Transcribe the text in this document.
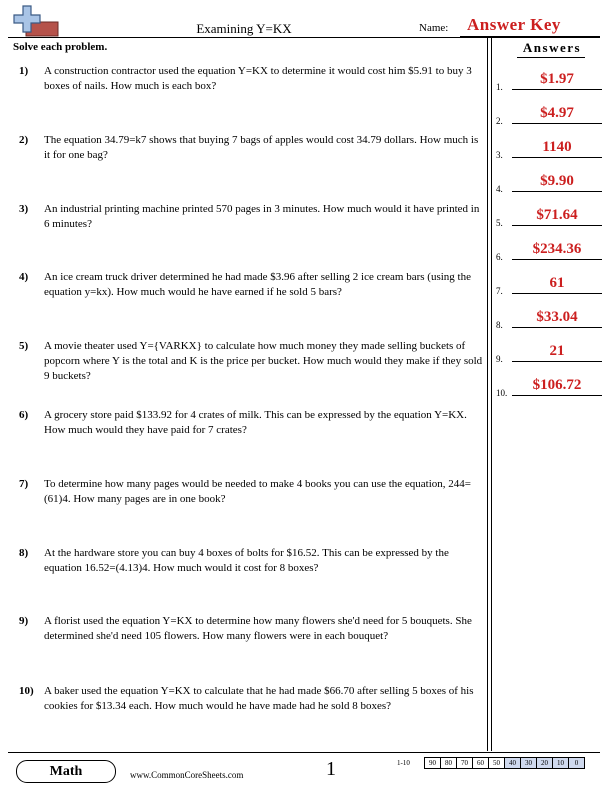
Examining Y=KX	Name: Answer Key
Solve each problem.
1)	A construction contractor used the equation Y=KX to determine it would cost him $5.91 to buy 3 boxes of nails. How much is each box?
2)	The equation 34.79=k7 shows that buying 7 bags of apples would cost 34.79 dollars. How much is it for one bag?
3)	An industrial printing machine printed 570 pages in 3 minutes. How much would it have printed in 6 minutes?
4)	An ice cream truck driver determined he had made $3.96 after selling 2 ice cream bars (using the equation y=kx). How much would he have earned if he sold 5 bars?
5)	A movie theater used Y={VARKX} to calculate how much money they made selling buckets of popcorn where Y is the total and K is the price per bucket. How much would they make if they sold 9 buckets?
6)	A grocery store paid $133.92 for 4 crates of milk. This can be expressed by the equation Y=KX. How much would they have paid for 7 crates?
7)	To determine how many pages would be needed to make 4 books you can use the equation, 244=(61)4. How many pages are in one book?
8)	At the hardware store you can buy 4 boxes of bolts for $16.52. This can be expressed by the equation 16.52=(4.13)4. How much would it cost for 8 boxes?
9)	A florist used the equation Y=KX to determine how many flowers she'd need for 5 bouquets. She determined she'd need 105 flowers. How many flowers were in each bouquet?
10) A baker used the equation Y=KX to calculate that he had made $66.70 after selling 5 boxes of his cookies for $13.34 each. How much would he have made had he sold 8 boxes?
Answers
1.	$1.97
2.	$4.97
3.	1140
4.	$9.90
5.	$71.64
6.	$234.36
7.	61
8.	$33.04
9.	21
10.	$106.72
Math	www.CommonCoreSheets.com	1	1-10	90	80	70	60	50	40	30	20	10	0
